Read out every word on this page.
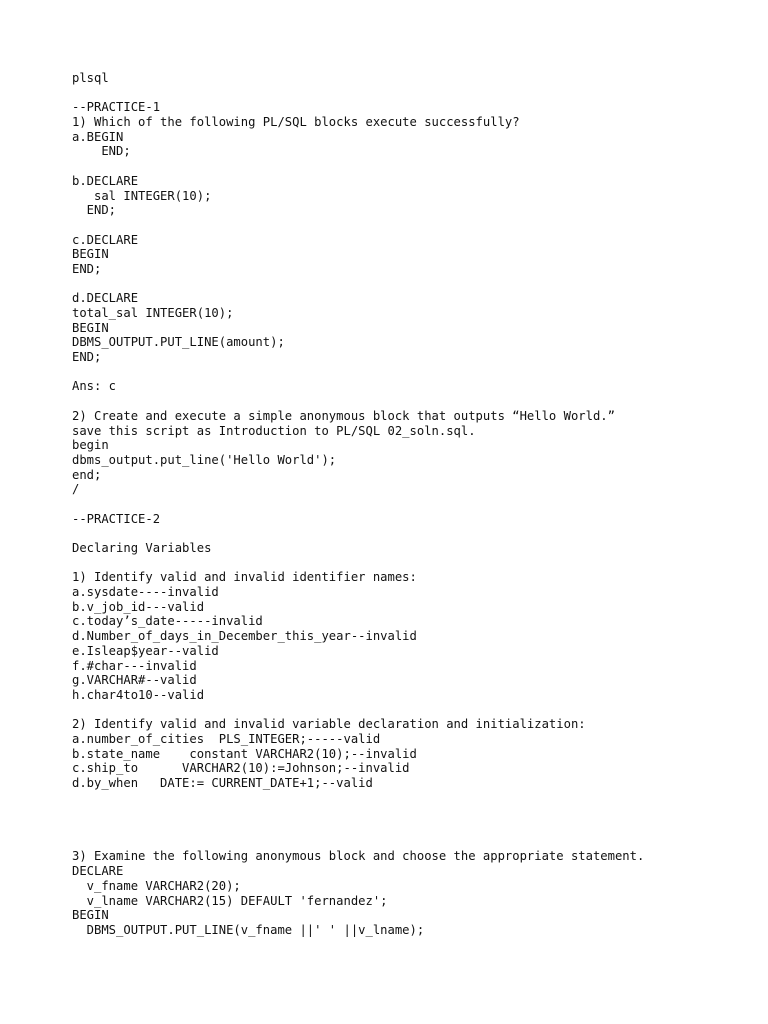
plsql
--PRACTICE-1
1) Which of the following PL/SQL blocks execute successfully?
a.BEGIN
END;
b.DECLARE
sal INTEGER(10);
END;
c.DECLARE
BEGIN
END;
d.DECLARE
total_sal INTEGER(10);
BEGIN
DBMS_OUTPUT.PUT_LINE(amount);
END;
Ans: c
2) Create and execute a simple anonymous block that outputs “Hello World.”
save this script as Introduction to PL/SQL 02_soln.sql.
begin
dbms_output.put_line('Hello World');
end;
/
--PRACTICE-2
Declaring Variables
1) Identify valid and invalid identifier names:
a.sysdate----invalid
b.v_job_id---valid
c.today’s_date-----invalid
d.Number_of_days_in_December_this_year--invalid
e.Isleap$year--valid
f.#char---invalid
g.VARCHAR#--valid
h.char4to10--valid
2) Identify valid and invalid variable declaration and initialization:
a.number_of_cities  PLS_INTEGER;-----valid
b.state_name    constant VARCHAR2(10);--invalid
c.ship_to      VARCHAR2(10):=Johnson;--invalid
d.by_when   DATE:= CURRENT_DATE+1;--valid
3) Examine the following anonymous block and choose the appropriate statement.
DECLARE
v_fname VARCHAR2(20);
v_lname VARCHAR2(15) DEFAULT 'fernandez';
BEGIN
DBMS_OUTPUT.PUT_LINE(v_fname ||' ' ||v_lname);
